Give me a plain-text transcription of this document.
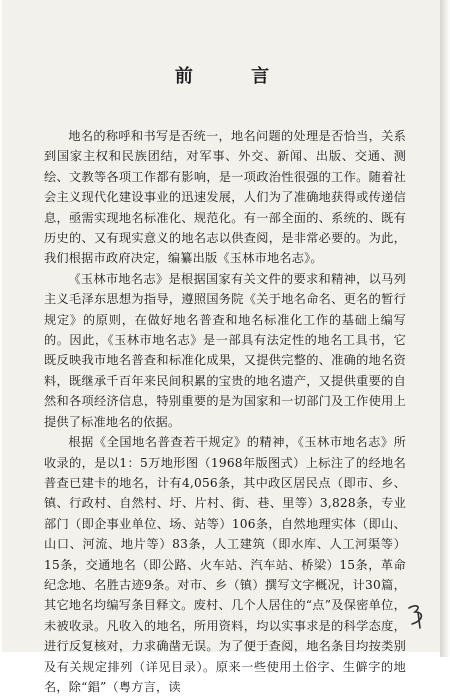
前 言

地名的称呼和书写是否统一，地名问题的处理是否恰当，关系到国家主权和民族团结，对军事、外交、新闻、出版、交通、测绘、文教等各项工作都有影响，是一项政治性很强的工作。随着社会主义现代化建设事业的迅速发展，人们为了准确地获得或传递信息，亟需实现地名标准化、规范化。有一部全面的、系统的、既有历史的、又有现实意义的地名志以供查阅，是非常必要的。为此，我们根据市政府决定，编纂出版《玉林市地名志》。

《玉林市地名志》是根据国家有关文件的要求和精神，以马列主义毛泽东思想为指导，遵照国务院《关于地名命名、更名的暂行规定》的原则，在做好地名普查和地名标准化工作的基础上编写的。因此，《玉林市地名志》是一部具有法定性的地名工具书，它既反映我市地名普查和标准化成果，又提供完整的、准确的地名资料，既继承千百年来民间积累的宝贵的地名遗产，又提供重要的自然和各项经济信息，特别重要的是为国家和一切部门及工作使用上提供了标准地名的依据。

根据《全国地名普查若干规定》的精神，《玉林市地名志》所收录的，是以1：5万地形图（1968年版图式）上标注了的经地名普查已建卡的地名，计有4,056条，其中政区居民点（即市、乡、镇、行政村、自然村、圩、片村、街、巷、里等）3,828条，专业部门（即企事业单位、场、站等）106条，自然地理实体（即山、山口、河流、地片等）83条，人工建筑（即水库、人工河渠等）15条，交通地名（即公路、火车站、汽车站、桥梁）15条，革命纪念地、名胜古迹9条。对市、乡（镇）撰写文字概况，计30篇，其它地名均编写条目释文。废村、几个人居住的“点”及保密单位，未被收录。凡收入的地名，所用资料，均以实事求是的科学态度，进行反复核对，力求确凿无误。为了便于查阅，地名条目均按类别及有关规定排列（详见目录）。原来一些使用土俗字、生僻字的地名，除“錩”（粤方言，读
